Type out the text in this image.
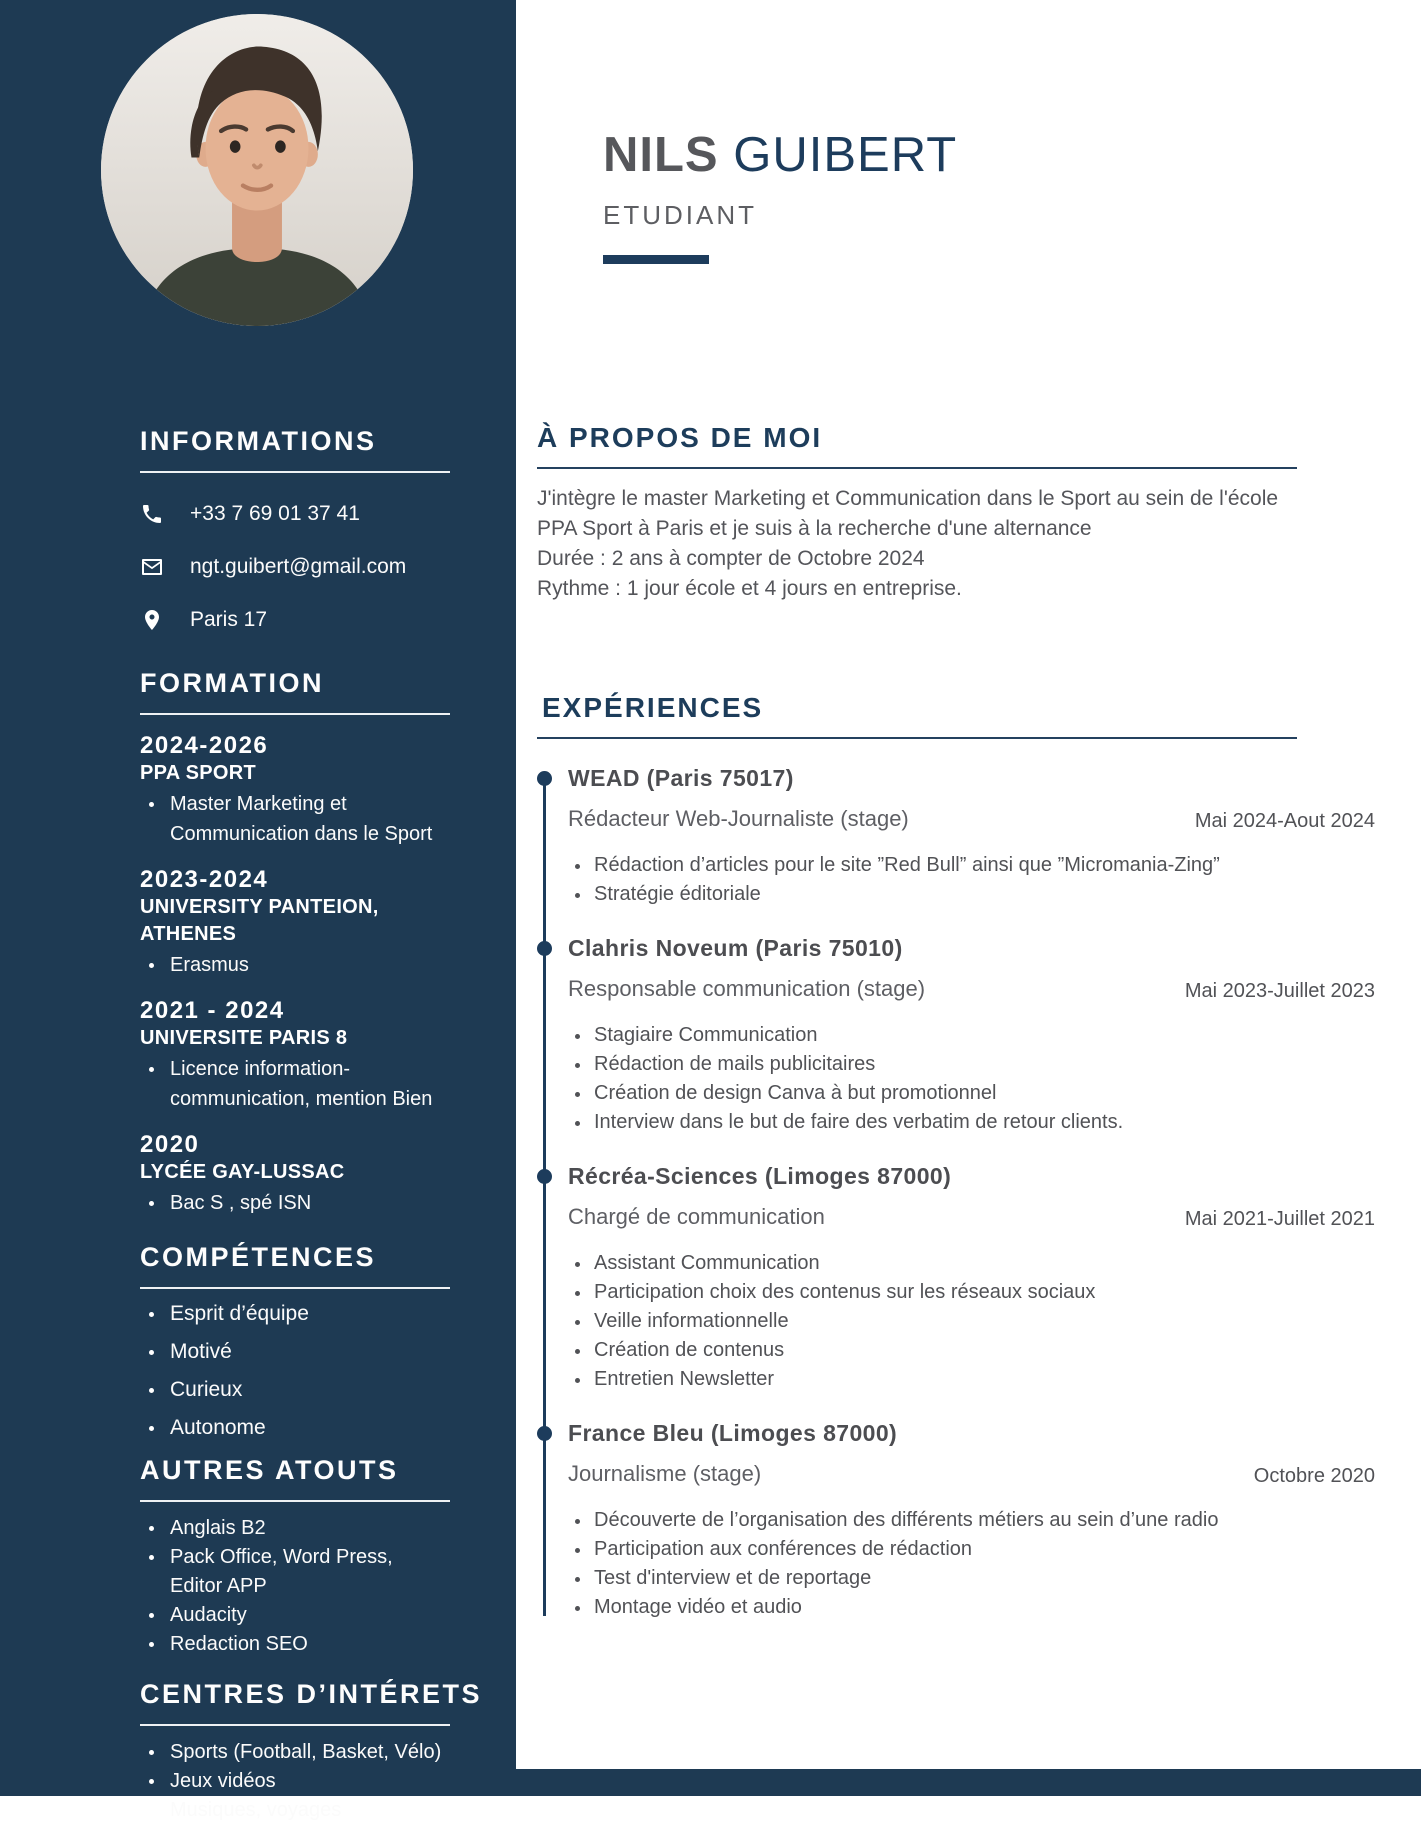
INFORMATIONS
+33 7 69 01 37 41
ngt.guibert@gmail.com
Paris 17
FORMATION
2024-2026
PPA SPORT
Master Marketing et Communication dans le Sport
2023-2024
UNIVERSITY PANTEION, ATHENES
Erasmus
2021 - 2024
UNIVERSITE PARIS 8
Licence information-communication, mention Bien
2020
LYCÉE GAY-LUSSAC
Bac S , spé ISN
COMPÉTENCES
Esprit d’équipe
Motivé
Curieux
Autonome
AUTRES ATOUTS
Anglais B2
Pack Office, Word Press, Editor APP
Audacity
Redaction SEO
CENTRES D’INTÉRETS
Sports (Football, Basket, Vélo)
Jeux vidéos
Musiques, voyages
NILS GUIBERT
ETUDIANT
À PROPOS DE MOI
J'intègre le master Marketing et Communication dans le Sport au sein de l'école
PPA Sport à Paris et je suis à la recherche d'une alternance
Durée : 2 ans à compter de Octobre 2024
Rythme : 1 jour école et 4 jours en entreprise.
EXPÉRIENCES
WEAD (Paris 75017)
Rédacteur Web-Journaliste (stage)	Mai 2024-Aout 2024
Rédaction d’articles pour le site ”Red Bull” ainsi que ”Micromania-Zing”
Stratégie éditoriale
Clahris Noveum (Paris 75010)
Responsable communication (stage)	Mai 2023-Juillet 2023
Stagiaire Communication
Rédaction de mails publicitaires
Création de design Canva à but promotionnel
Interview dans le but de faire des verbatim de retour clients.
Récréa-Sciences (Limoges 87000)
Chargé de communication	Mai 2021-Juillet 2021
Assistant Communication
Participation choix des contenus sur les réseaux sociaux
Veille informationnelle
Création de contenus
Entretien Newsletter
France Bleu (Limoges 87000)
Journalisme (stage)	Octobre 2020
Découverte de l’organisation des différents métiers au sein d’une radio
Participation aux conférences de rédaction
Test d'interview et de reportage
Montage vidéo et audio
